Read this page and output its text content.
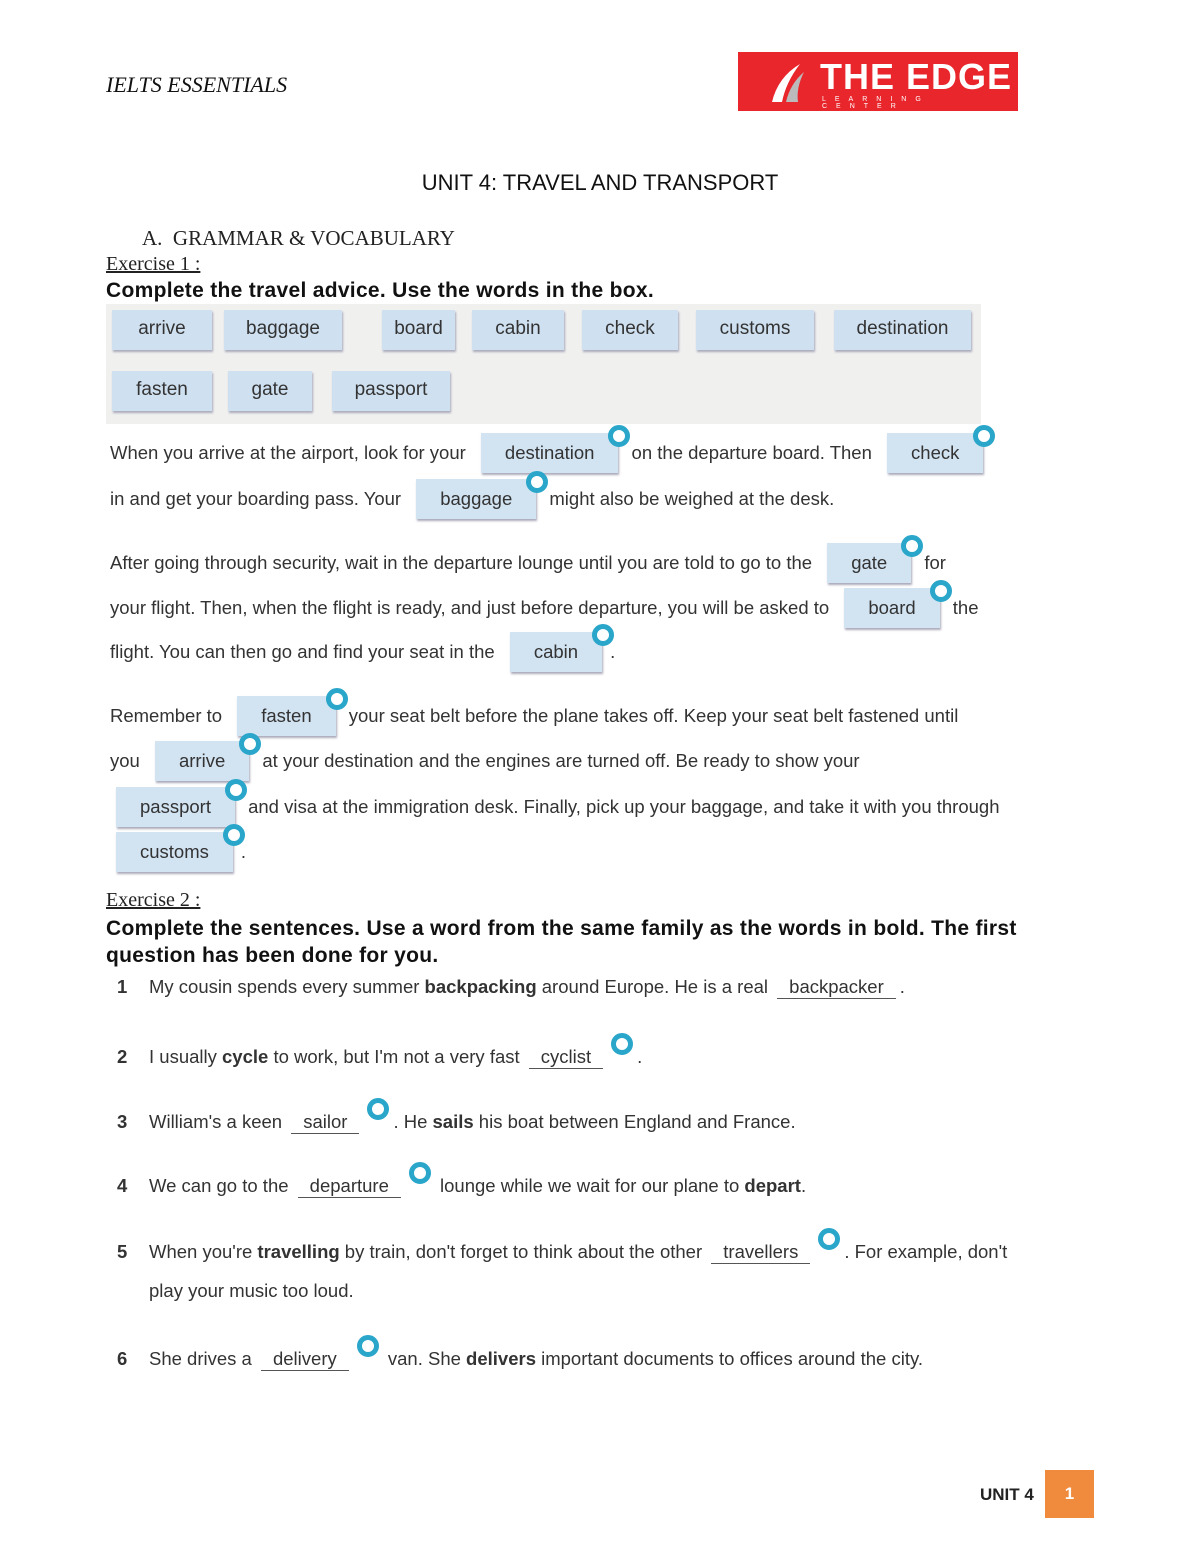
IELTS ESSENTIALS	THE EDGE
LEARNING CENTER
UNIT 4: TRAVEL AND TRANSPORT
A.  GRAMMAR & VOCABULARY
Exercise 1 :
Complete the travel advice. Use the words in the box.
arrive	baggage	board	cabin	check	customs	destination
fasten	gate	passport
When you arrive at the airport, look for your	destination	on the departure board. Then	check
in and get your boarding pass. Your	baggage	might also be weighed at the desk.
After going through security, wait in the departure lounge until you are told to go to the	gate	for
your flight. Then, when the flight is ready, and just before departure, you will be asked to	board	the
flight. You can then go and find your seat in the	cabin	.
Remember to	fasten	your seat belt before the plane takes off. Keep your seat belt fastened until
you	arrive	at your destination and the engines are turned off. Be ready to show your
passport	and visa at the immigration desk. Finally, pick up your baggage, and take it with you through
customs	.
Exercise 2 :
Complete the sentences. Use a word from the same family as the words in bold. The first question has been done for you.
1 My cousin spends every summer backpacking around Europe. He is a real backpacker .
2 I usually cycle to work, but I'm not a very fast cyclist .
3 William's a keen sailor . He sails his boat between England and France.
4 We can go to the departure lounge while we wait for our plane to depart.
5 When you're travelling by train, don't forget to think about the other travellers . For example, don't
play your music too loud.
6 She drives a delivery van. She delivers important documents to offices around the city.
UNIT 4	1
